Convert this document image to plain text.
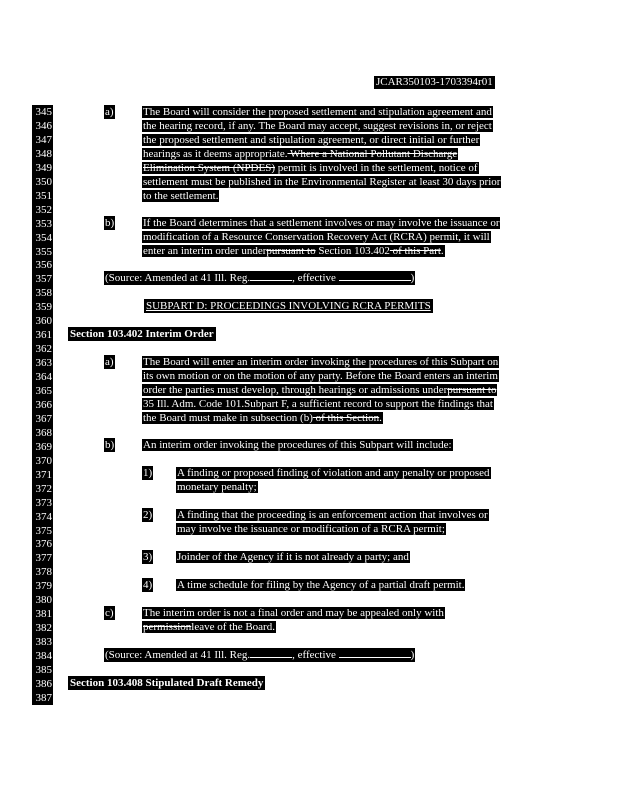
JCAR350103-1703394r01
345
346
347
348
349
350
351
352
353
354
355
356
357
358
359
360
361
362
363
364
365
366
367
368
369
370
371
372
373
374
375
376
377
378
379
380
381
382
383
384
385
386
387
a)	The Board will consider the proposed settlement and stipulation agreement and
the hearing record, if any. The Board may accept, suggest revisions in, or reject
the proposed settlement and stipulation agreement, or direct initial or further
hearings as it deems appropriate. Where a National Pollutant Discharge
Elimination System (NPDES) permit is involved in the settlement, notice of
settlement must be published in the Environmental Register at least 30 days prior
to the settlement.
b)	If the Board determines that a settlement involves or may involve the issuance or
modification of a Resource Conservation Recovery Act (RCRA) permit, it will
enter an interim order underpursuant to Section 103.402 of this Part.
(Source: Amended at 41 Ill. Reg.	, effective	)
SUBPART D: PROCEEDINGS INVOLVING RCRA PERMITS
Section 103.402 Interim Order
a)	The Board will enter an interim order invoking the procedures of this Subpart on
its own motion or on the motion of any party. Before the Board enters an interim
order the parties must develop, through hearings or admissions underpursuant to
35 Ill. Adm. Code 101.Subpart F, a sufficient record to support the findings that
the Board must make in subsection (b) of this Section.
b)	An interim order invoking the procedures of this Subpart will include:
1) A finding or proposed finding of violation and any penalty or proposed
monetary penalty;
2) A finding that the proceeding is an enforcement action that involves or
may involve the issuance or modification of a RCRA permit;
3) Joinder of the Agency if it is not already a party; and
4) A time schedule for filing by the Agency of a partial draft permit.
c)	The interim order is not a final order and may be appealed only with
permissionleave of the Board.
(Source: Amended at 41 Ill. Reg.	, effective	)
Section 103.408 Stipulated Draft Remedy
